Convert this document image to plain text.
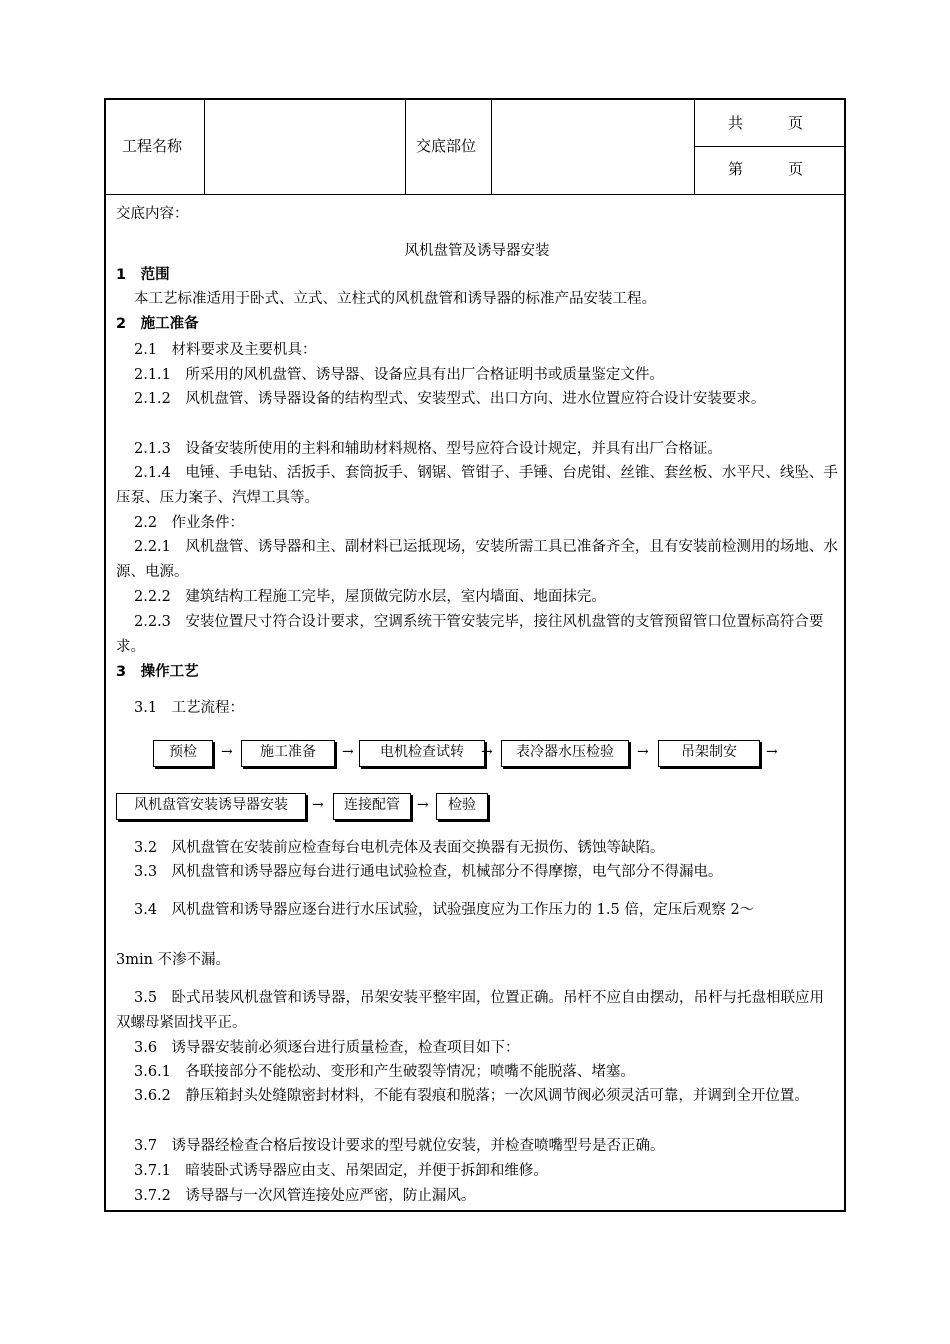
工程名称	交底部位
共　　　页
第　　　页
交底内容：
风机盘管及诱导器安装
1　范围
本工艺标准适用于卧式、立式、立柱式的风机盘管和诱导器的标准产品安装工程。
2　施工准备
2.1　材料要求及主要机具：
2.1.1　所采用的风机盘管、诱导器、设备应具有出厂合格证明书或质量鉴定文件。
2.1.2　风机盘管、诱导器设备的结构型式、安装型式、出口方向、进水位置应符合设计安装要求。
2.1.3　设备安装所使用的主料和辅助材料规格、型号应符合设计规定，并具有出厂合格证。
2.1.4　电锤、手电钻、活扳手、套筒扳手、钢锯、管钳子、手锤、台虎钳、丝锥、套丝板、水平尺、线坠、手压泵、压力案子、汽焊工具等。
2.2　作业条件：
2.2.1　风机盘管、诱导器和主、副材料已运抵现场，安装所需工具已准备齐全，且有安装前检测用的场地、水源、电源。
2.2.2　建筑结构工程施工完毕，屋顶做完防水层，室内墙面、地面抹完。
2.2.3　安装位置尺寸符合设计要求，空调系统干管安装完毕，接往风机盘管的支管预留管口位置标高符合要求。
3　操作工艺
3.1　工艺流程：
预检	→	施工准备	→	电机检查试转	→	表冷器水压检验	→	吊架制安	→
风机盘管安装诱导器安装	→	连接配管	→	检验
3.2　风机盘管在安装前应检查每台电机壳体及表面交换器有无损伤、锈蚀等缺陷。
3.3　风机盘管和诱导器应每台进行通电试验检查，机械部分不得摩擦，电气部分不得漏电。
3.4　风机盘管和诱导器应逐台进行水压试验，试验强度应为工作压力的 1.5 倍，定压后观察 2～
3min 不渗不漏。
3.5　卧式吊装风机盘管和诱导器，吊架安装平整牢固，位置正确。吊杆不应自由摆动，吊杆与托盘相联应用双螺母紧固找平正。
3.6　诱导器安装前必须逐台进行质量检查，检查项目如下：
3.6.1　各联接部分不能松动、变形和产生破裂等情况；喷嘴不能脱落、堵塞。
3.6.2　静压箱封头处缝隙密封材料，不能有裂痕和脱落；一次风调节阀必须灵活可靠，并调到全开位置。
3.7　诱导器经检查合格后按设计要求的型号就位安装，并检查喷嘴型号是否正确。
3.7.1　暗装卧式诱导器应由支、吊架固定，并便于拆卸和维修。
3.7.2　诱导器与一次风管连接处应严密，防止漏风。
